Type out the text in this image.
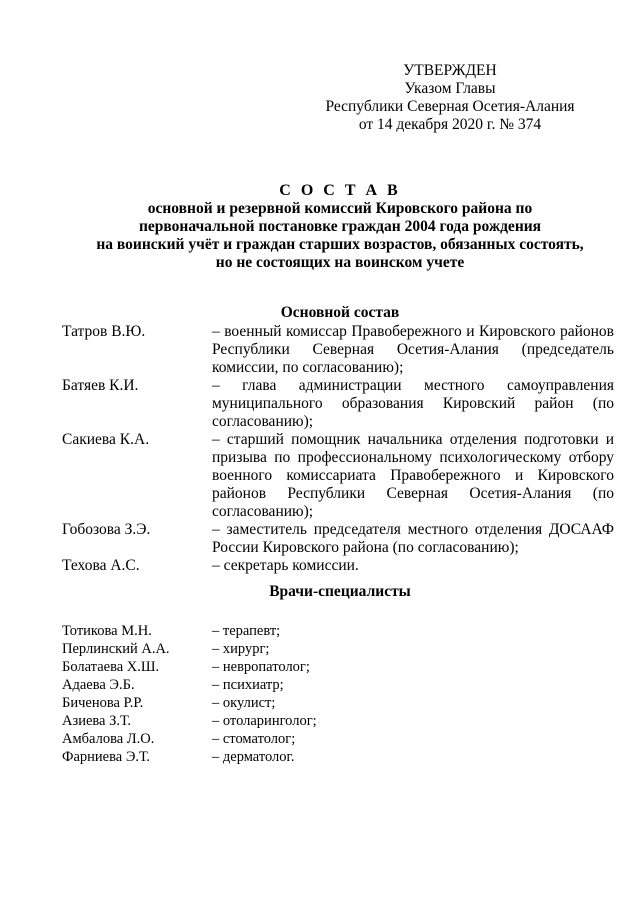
УТВЕРЖДЕН
Указом Главы
Республики Северная Осетия-Алания
от 14 декабря 2020 г. № 374
С О С Т А В
основной и резервной комиссий Кировского района по
первоначальной постановке граждан 2004 года рождения
на воинский учёт и граждан старших возрастов, обязанных состоять,
но не состоящих на воинском учете
Основной состав
Татров В.Ю.	– военный комиссар Правобережного и Кировского районов Республики Северная Осетия-Алания (председатель комиссии, по согласованию);
Батяев К.И.	– глава администрации местного самоуправления муниципального образования Кировский район (по согласованию);
Сакиева К.А.	– старший помощник начальника отделения подготовки и призыва по профессиональному психологическому отбору военного комиссариата Правобережного и Кировского районов Республики Северная Осетия-Алания (по согласованию);
Гобозова З.Э.	– заместитель председателя местного отделения ДОСААФ России Кировского района (по согласованию);
Техова А.С.	– секретарь комиссии.
Врачи-специалисты
Тотикова М.Н.	– терапевт;
Перлинский А.А.	– хирург;
Болатаева Х.Ш.	– невропатолог;
Адаева Э.Б.	– психиатр;
Биченова Р.Р.	– окулист;
Азиева З.Т.	– отоларинголог;
Амбалова Л.О.	– стоматолог;
Фарниева Э.Т.	– дерматолог.
